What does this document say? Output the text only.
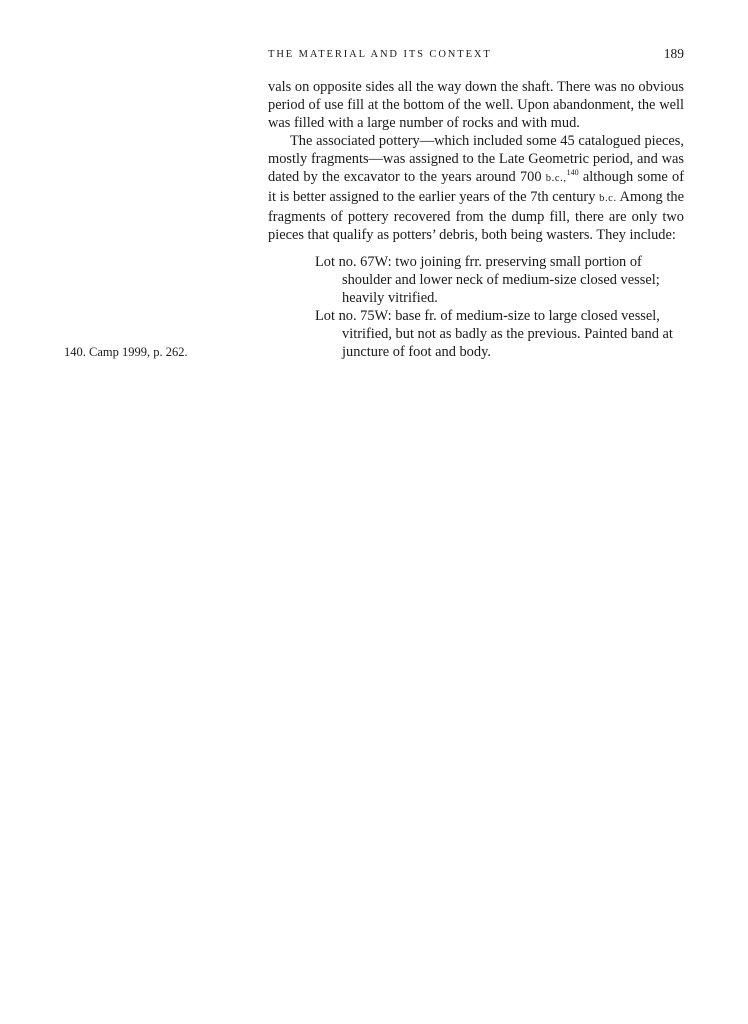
THE MATERIAL AND ITS CONTEXT	189

vals on opposite sides all the way down the shaft. There was no obvious period of use fill at the bottom of the well. Upon abandonment, the well was filled with a large number of rocks and with mud.

The associated pottery—which included some 45 catalogued pieces, mostly fragments—was assigned to the Late Geometric period, and was dated by the excavator to the years around 700 b.c.,$^{140}$ although some of it is better assigned to the earlier years of the 7th century b.c. Among the fragments of pottery recovered from the dump fill, there are only two pieces that qualify as potters’ debris, both being wasters. They include:

Lot no. 67W: two joining frr. preserving small portion of shoulder and lower neck of medium-size closed vessel; heavily vitrified.
Lot no. 75W: base fr. of medium-size to large closed vessel, vitrified, but not as badly as the previous. Painted band at juncture of foot and body.
140. Camp 1999, p. 262.
